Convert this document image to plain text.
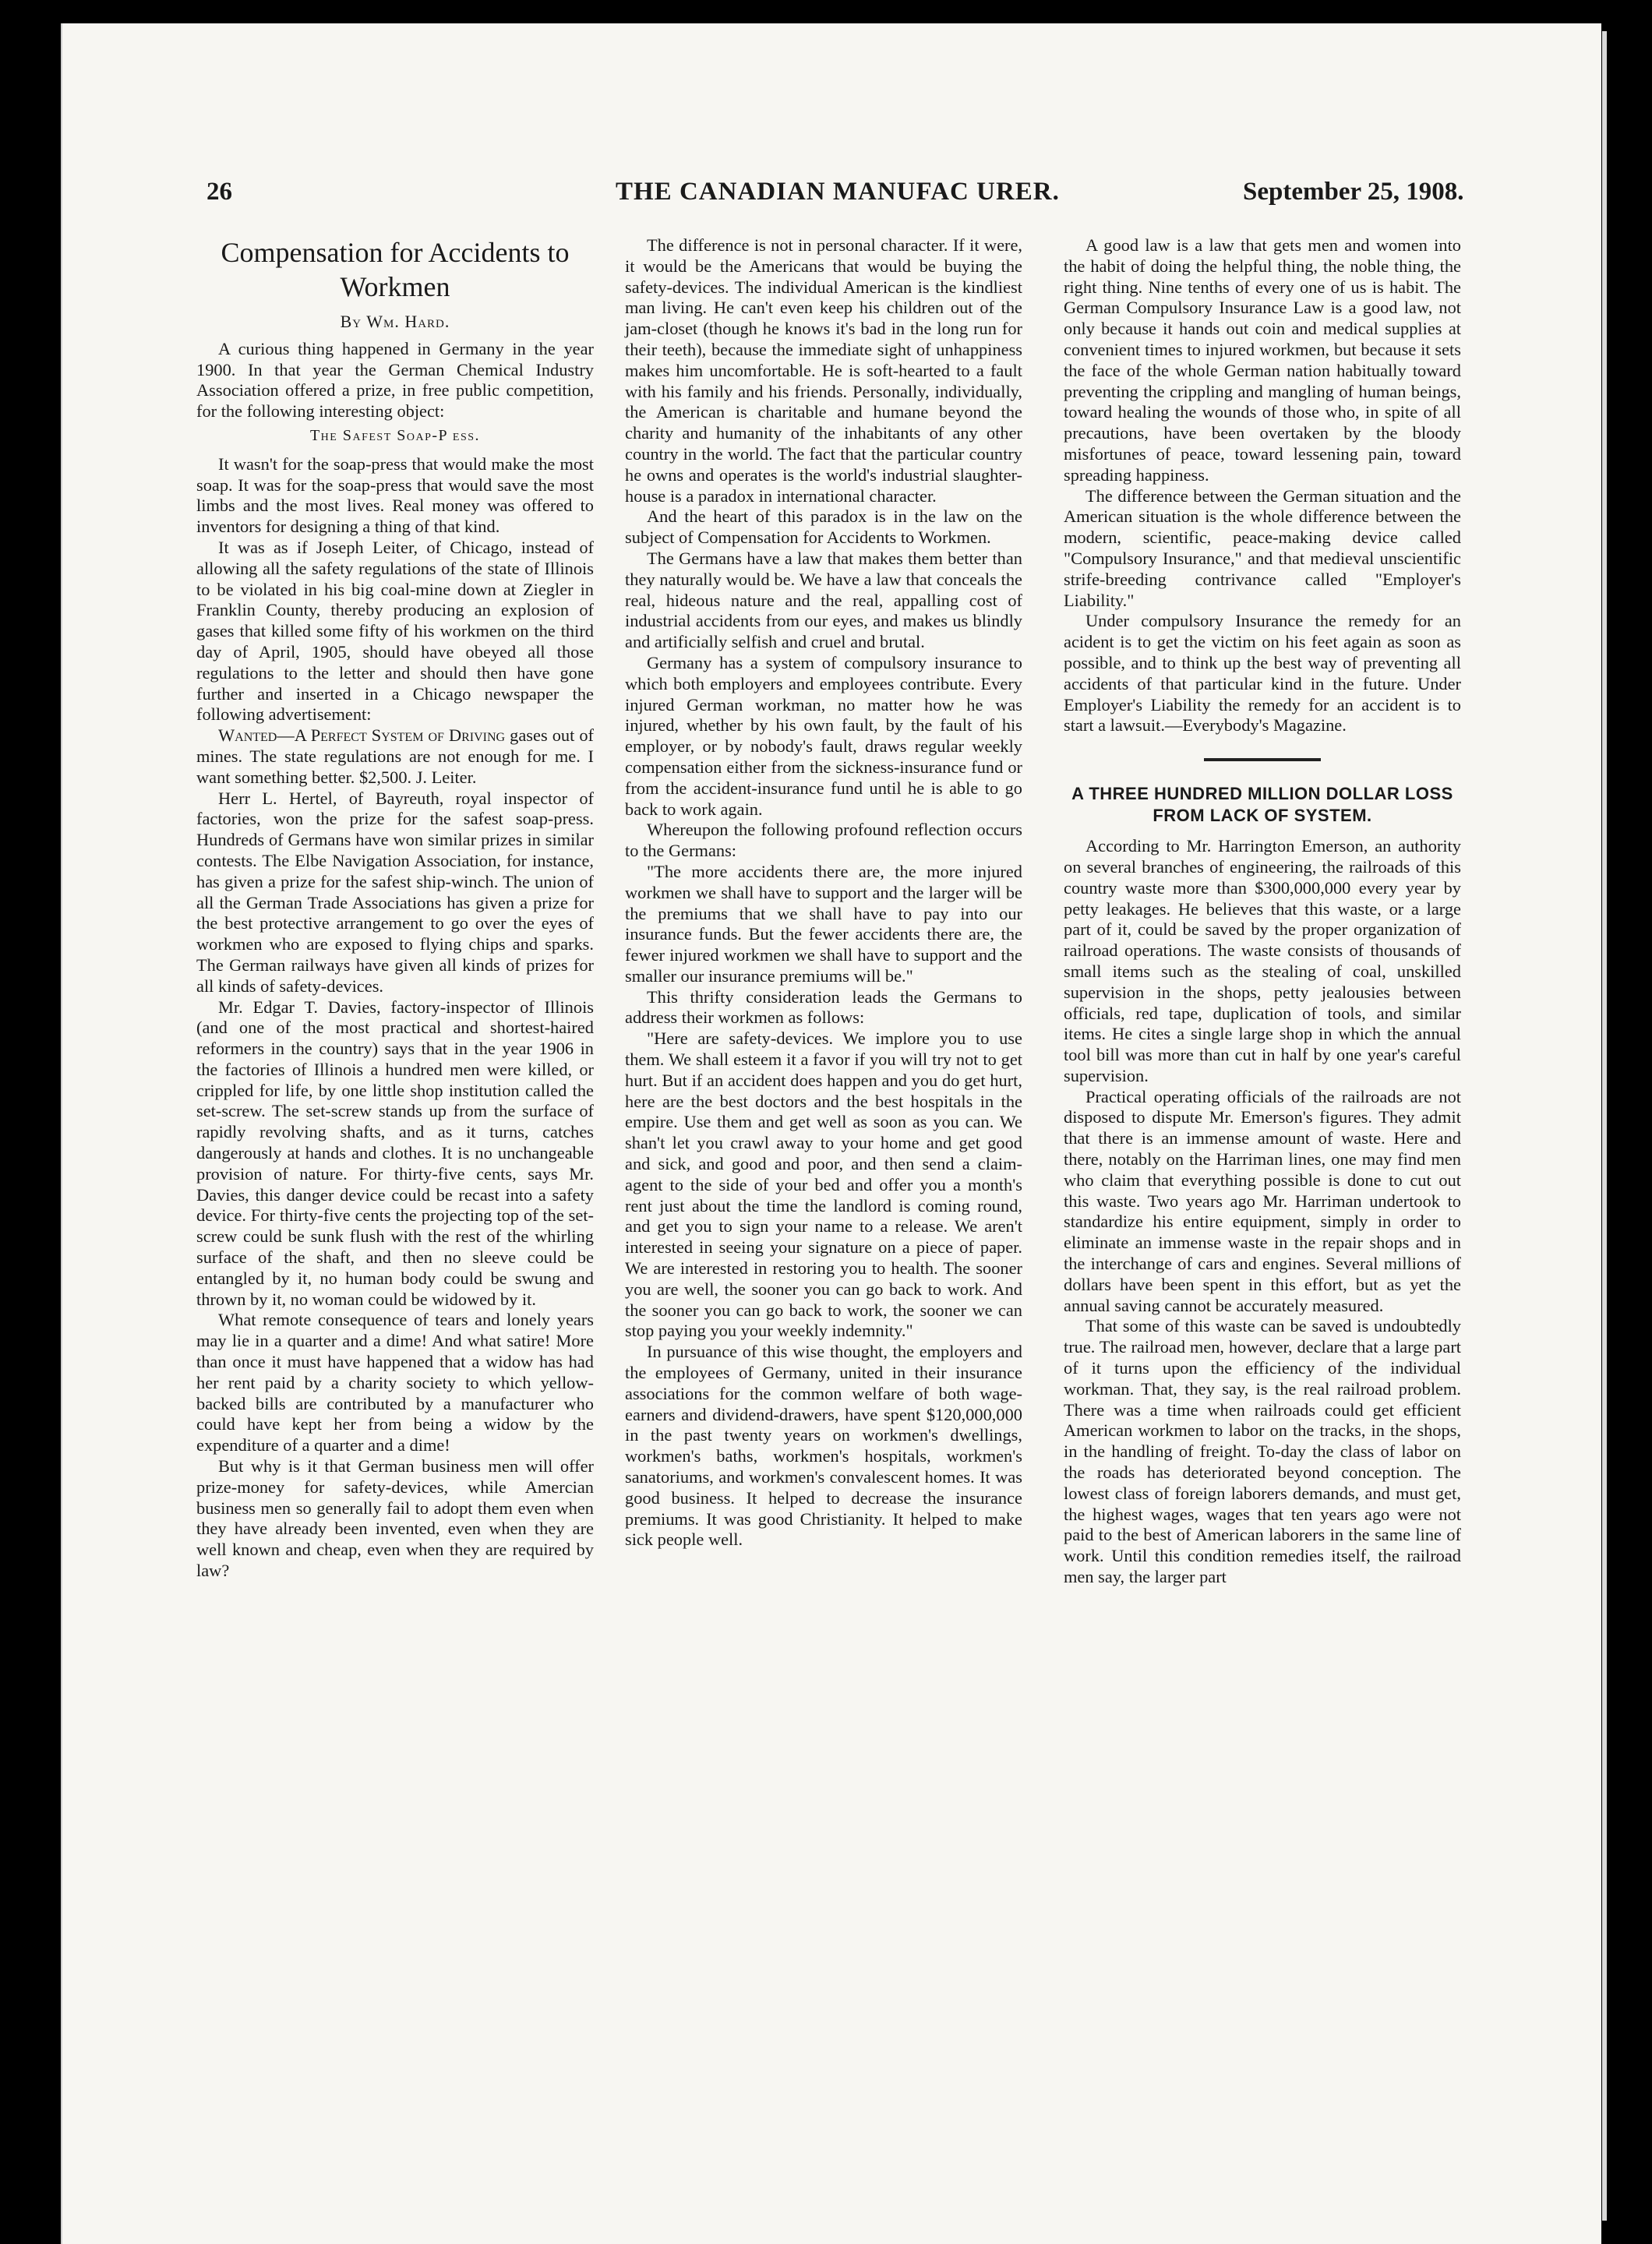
26	THE CANADIAN MANUFAC URER.	September 25, 1908.
Compensation for Accidents to Workmen
By Wm. Hard.

A curious thing happened in Germany in the year 1900. In that year the German Chemical Industry Association offered a prize, in free public competition, for the following interesting object:

The Safest Soap-P ess.

It wasn't for the soap-press that would make the most soap. It was for the soap-press that would save the most limbs and the most lives. Real money was offered to inventors for designing a thing of that kind.

It was as if Joseph Leiter, of Chicago, instead of allowing all the safety regulations of the state of Illinois to be violated in his big coal-mine down at Ziegler in Franklin County, thereby producing an explosion of gases that killed some fifty of his workmen on the third day of April, 1905, should have obeyed all those regulations to the letter and should then have gone further and inserted in a Chicago newspaper the following advertisement:

Wanted—A Perfect System of Driving gases out of mines. The state regulations are not enough for me. I want something better. $2,500. J. Leiter.

Herr L. Hertel, of Bayreuth, royal inspector of factories, won the prize for the safest soap-press. Hundreds of Germans have won similar prizes in similar contests. The Elbe Navigation Association, for instance, has given a prize for the safest ship-winch. The union of all the German Trade Associations has given a prize for the best protective arrangement to go over the eyes of workmen who are exposed to flying chips and sparks. The German railways have given all kinds of prizes for all kinds of safety-devices.

Mr. Edgar T. Davies, factory-inspector of Illinois (and one of the most practical and shortest-haired reformers in the country) says that in the year 1906 in the factories of Illinois a hundred men were killed, or crippled for life, by one little shop institution called the set-screw. The set-screw stands up from the surface of rapidly revolving shafts, and as it turns, catches dangerously at hands and clothes. It is no unchangeable provision of nature. For thirty-five cents, says Mr. Davies, this danger device could be recast into a safety device. For thirty-five cents the projecting top of the set-screw could be sunk flush with the rest of the whirling surface of the shaft, and then no sleeve could be entangled by it, no human body could be swung and thrown by it, no woman could be widowed by it.

What remote consequence of tears and lonely years may lie in a quarter and a dime! And what satire! More than once it must have happened that a widow has had her rent paid by a charity society to which yellow-backed bills are contributed by a manufacturer who could have kept her from being a widow by the expenditure of a quarter and a dime!

But why is it that German business men will offer prize-money for safety-devices, while Amercian business men so generally fail to adopt them even when they have already been invented, even when they are well known and cheap, even when they are required by law?

The difference is not in personal character. If it were, it would be the Americans that would be buying the safety-devices. The individual American is the kindliest man living. He can't even keep his children out of the jam-closet (though he knows it's bad in the long run for their teeth), because the immediate sight of unhappiness makes him uncomfortable. He is soft-hearted to a fault with his family and his friends. Personally, individually, the American is charitable and humane beyond the charity and humanity of the inhabitants of any other country in the world. The fact that the particular country he owns and operates is the world's industrial slaughter-house is a paradox in international character.

And the heart of this paradox is in the law on the subject of Compensation for Accidents to Workmen.

The Germans have a law that makes them better than they naturally would be. We have a law that conceals the real, hideous nature and the real, appalling cost of industrial accidents from our eyes, and makes us blindly and artificially selfish and cruel and brutal.

Germany has a system of compulsory insurance to which both employers and employees contribute. Every injured German workman, no matter how he was injured, whether by his own fault, by the fault of his employer, or by nobody's fault, draws regular weekly compensation either from the sickness-insurance fund or from the accident-insurance fund until he is able to go back to work again.

Whereupon the following profound reflection occurs to the Germans:

"The more accidents there are, the more injured workmen we shall have to support and the larger will be the premiums that we shall have to pay into our insurance funds. But the fewer accidents there are, the fewer injured workmen we shall have to support and the smaller our insurance premiums will be."

This thrifty consideration leads the Germans to address their workmen as follows:

"Here are safety-devices. We implore you to use them. We shall esteem it a favor if you will try not to get hurt. But if an accident does happen and you do get hurt, here are the best doctors and the best hospitals in the empire. Use them and get well as soon as you can. We shan't let you crawl away to your home and get good and sick, and good and poor, and then send a claim-agent to the side of your bed and offer you a month's rent just about the time the landlord is coming round, and get you to sign your name to a release. We aren't interested in seeing your signature on a piece of paper. We are interested in restoring you to health. The sooner you are well, the sooner you can go back to work. And the sooner you can go back to work, the sooner we can stop paying you your weekly indemnity."

In pursuance of this wise thought, the employers and the employees of Germany, united in their insurance associations for the common welfare of both wage-earners and dividend-drawers, have spent $120,000,000 in the past twenty years on workmen's dwellings, workmen's baths, workmen's hospitals, workmen's sanatoriums, and workmen's convalescent homes. It was good business. It helped to decrease the insurance premiums. It was good Christianity. It helped to make sick people well.

A good law is a law that gets men and women into the habit of doing the helpful thing, the noble thing, the right thing. Nine tenths of every one of us is habit. The German Compulsory Insurance Law is a good law, not only because it hands out coin and medical supplies at convenient times to injured workmen, but because it sets the face of the whole German nation habitually toward preventing the crippling and mangling of human beings, toward healing the wounds of those who, in spite of all precautions, have been overtaken by the bloody misfortunes of peace, toward lessening pain, toward spreading happiness.

The difference between the German situation and the American situation is the whole difference between the modern, scientific, peace-making device called "Compulsory Insurance," and that medieval unscientific strife-breeding contrivance called "Employer's Liability."

Under compulsory Insurance the remedy for an acident is to get the victim on his feet again as soon as possible, and to think up the best way of preventing all accidents of that particular kind in the future. Under Employer's Liability the remedy for an accident is to start a lawsuit.—Everybody's Magazine.

A THREE HUNDRED MILLION DOLLAR LOSS FROM LACK OF SYSTEM.

According to Mr. Harrington Emerson, an authority on several branches of engineering, the railroads of this country waste more than $300,000,000 every year by petty leakages. He believes that this waste, or a large part of it, could be saved by the proper organization of railroad operations. The waste consists of thousands of small items such as the stealing of coal, unskilled supervision in the shops, petty jealousies between officials, red tape, duplication of tools, and similar items. He cites a single large shop in which the annual tool bill was more than cut in half by one year's careful supervision.

Practical operating officials of the railroads are not disposed to dispute Mr. Emerson's figures. They admit that there is an immense amount of waste. Here and there, notably on the Harriman lines, one may find men who claim that everything possible is done to cut out this waste. Two years ago Mr. Harriman undertook to standardize his entire equipment, simply in order to eliminate an immense waste in the repair shops and in the interchange of cars and engines. Several millions of dollars have been spent in this effort, but as yet the annual saving cannot be accurately measured.

That some of this waste can be saved is undoubtedly true. The railroad men, however, declare that a large part of it turns upon the efficiency of the individual workman. That, they say, is the real railroad problem. There was a time when railroads could get efficient American workmen to labor on the tracks, in the shops, in the handling of freight. To-day the class of labor on the roads has deteriorated beyond conception. The lowest class of foreign laborers demands, and must get, the highest wages, wages that ten years ago were not paid to the best of American laborers in the same line of work. Until this condition remedies itself, the railroad men say, the larger part
